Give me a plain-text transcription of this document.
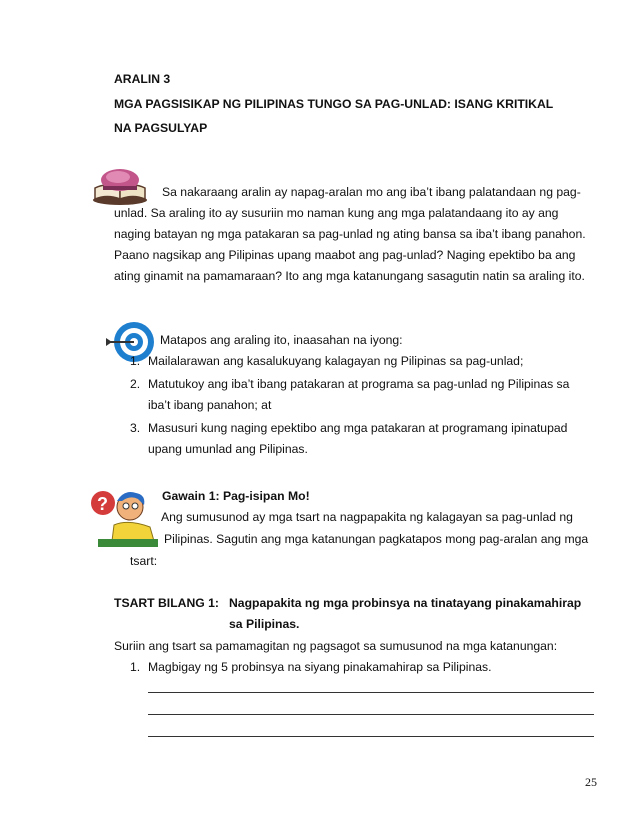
ARALIN 3
MGA PAGSISIKAP NG PILIPINAS TUNGO SA PAG-UNLAD: ISANG KRITIKAL
NA PAGSULYAP
Sa nakaraang aralin ay napag-aralan mo ang iba’t ibang palatandaan ng pag-
unlad. Sa araling ito ay susuriin mo naman kung ang mga palatandaang ito ay ang
naging batayan ng mga patakaran sa pag-unlad ng ating bansa sa iba’t ibang panahon.
Paano nagsikap ang Pilipinas upang maabot ang pag-unlad? Naging epektibo ba ang
ating ginamit na pamamaraan? Ito ang mga katanungang sasagutin natin sa araling ito.
Matapos ang araling ito, inaasahan na iyong:
1. Mailalarawan ang kasalukuyang kalagayan ng Pilipinas sa pag-unlad;
2. Matutukoy ang iba’t ibang patakaran at programa sa pag-unlad ng Pilipinas sa
iba’t ibang panahon; at
3. Masusuri kung naging epektibo ang mga patakaran at programang ipinatupad
upang umunlad ang Pilipinas.
?	Gawain 1: Pag-isipan Mo!
Ang sumusunod ay mga tsart na nagpapakita ng kalagayan sa pag-unlad ng
Pilipinas. Sagutin ang mga katanungan pagkatapos mong pag-aralan ang mga
tsart:
TSART BILANG 1: Nagpapakita ng mga probinsya na tinatayang pinakamahirap
sa Pilipinas.
Suriin ang tsart sa pamamagitan ng pagsagot sa sumusunod na mga katanungan:
1. Magbigay ng 5 probinsya na siyang pinakamahirap sa Pilipinas.
25
